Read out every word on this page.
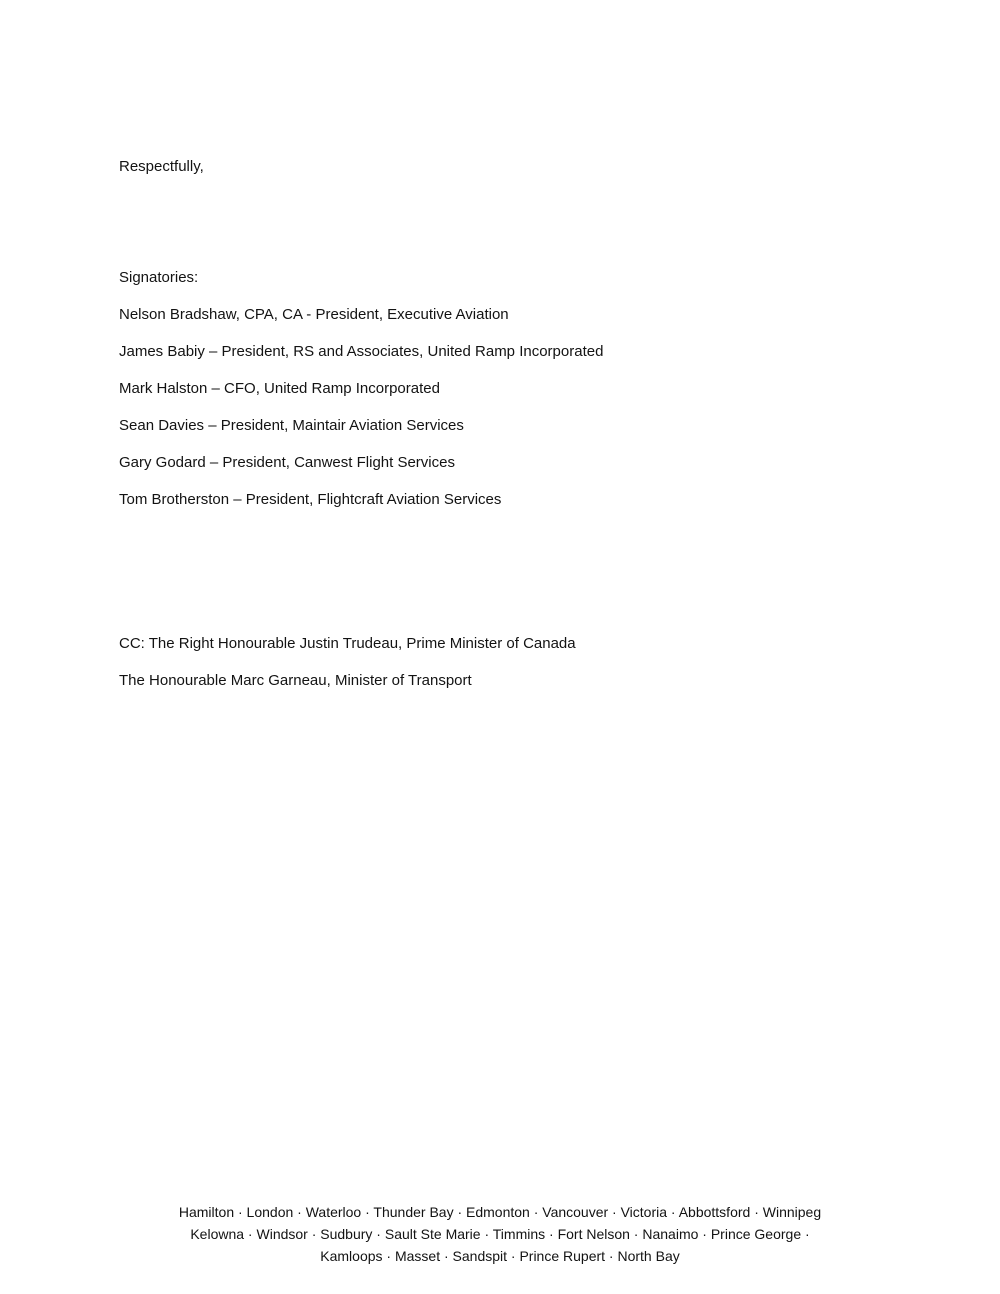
Respectfully,

Signatories:

Nelson Bradshaw, CPA, CA - President, Executive Aviation

James Babiy – President, RS and Associates, United Ramp Incorporated

Mark Halston – CFO, United Ramp Incorporated

Sean Davies – President, Maintair Aviation Services

Gary Godard – President, Canwest Flight Services

Tom Brotherston – President, Flightcraft Aviation Services

CC: The Right Honourable Justin Trudeau, Prime Minister of Canada

The Honourable Marc Garneau, Minister of Transport

Hamilton · London · Waterloo · Thunder Bay · Edmonton · Vancouver · Victoria · Abbottsford · Winnipeg

Kelowna · Windsor · Sudbury · Sault Ste Marie · Timmins · Fort Nelson · Nanaimo · Prince George ·

Kamloops · Masset · Sandspit · Prince Rupert · North Bay
